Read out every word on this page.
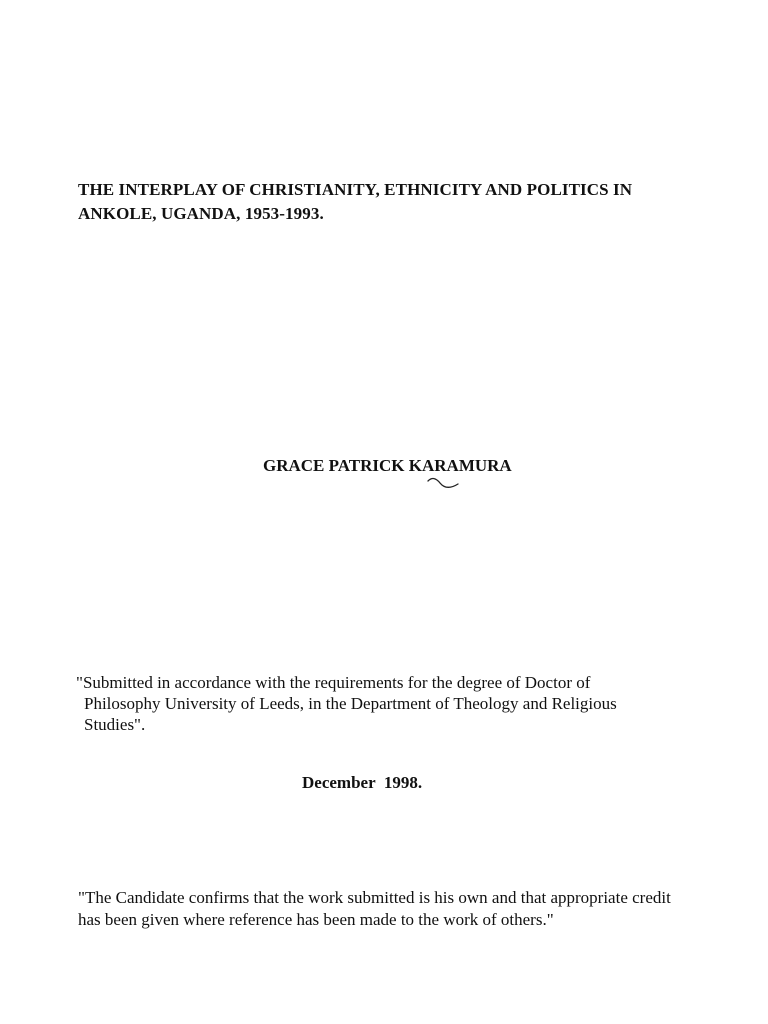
THE INTERPLAY OF CHRISTIANITY, ETHNICITY AND POLITICS IN
ANKOLE, UGANDA, 1953-1993.

GRACE PATRICK KARAMURA

"Submitted in accordance with the requirements for the degree of Doctor of
Philosophy University of Leeds, in the Department of Theology and Religious
Studies".

December  1998.

"The Candidate confirms that the work submitted is his own and that appropriate credit
has been given where reference has been made to the work of others."
